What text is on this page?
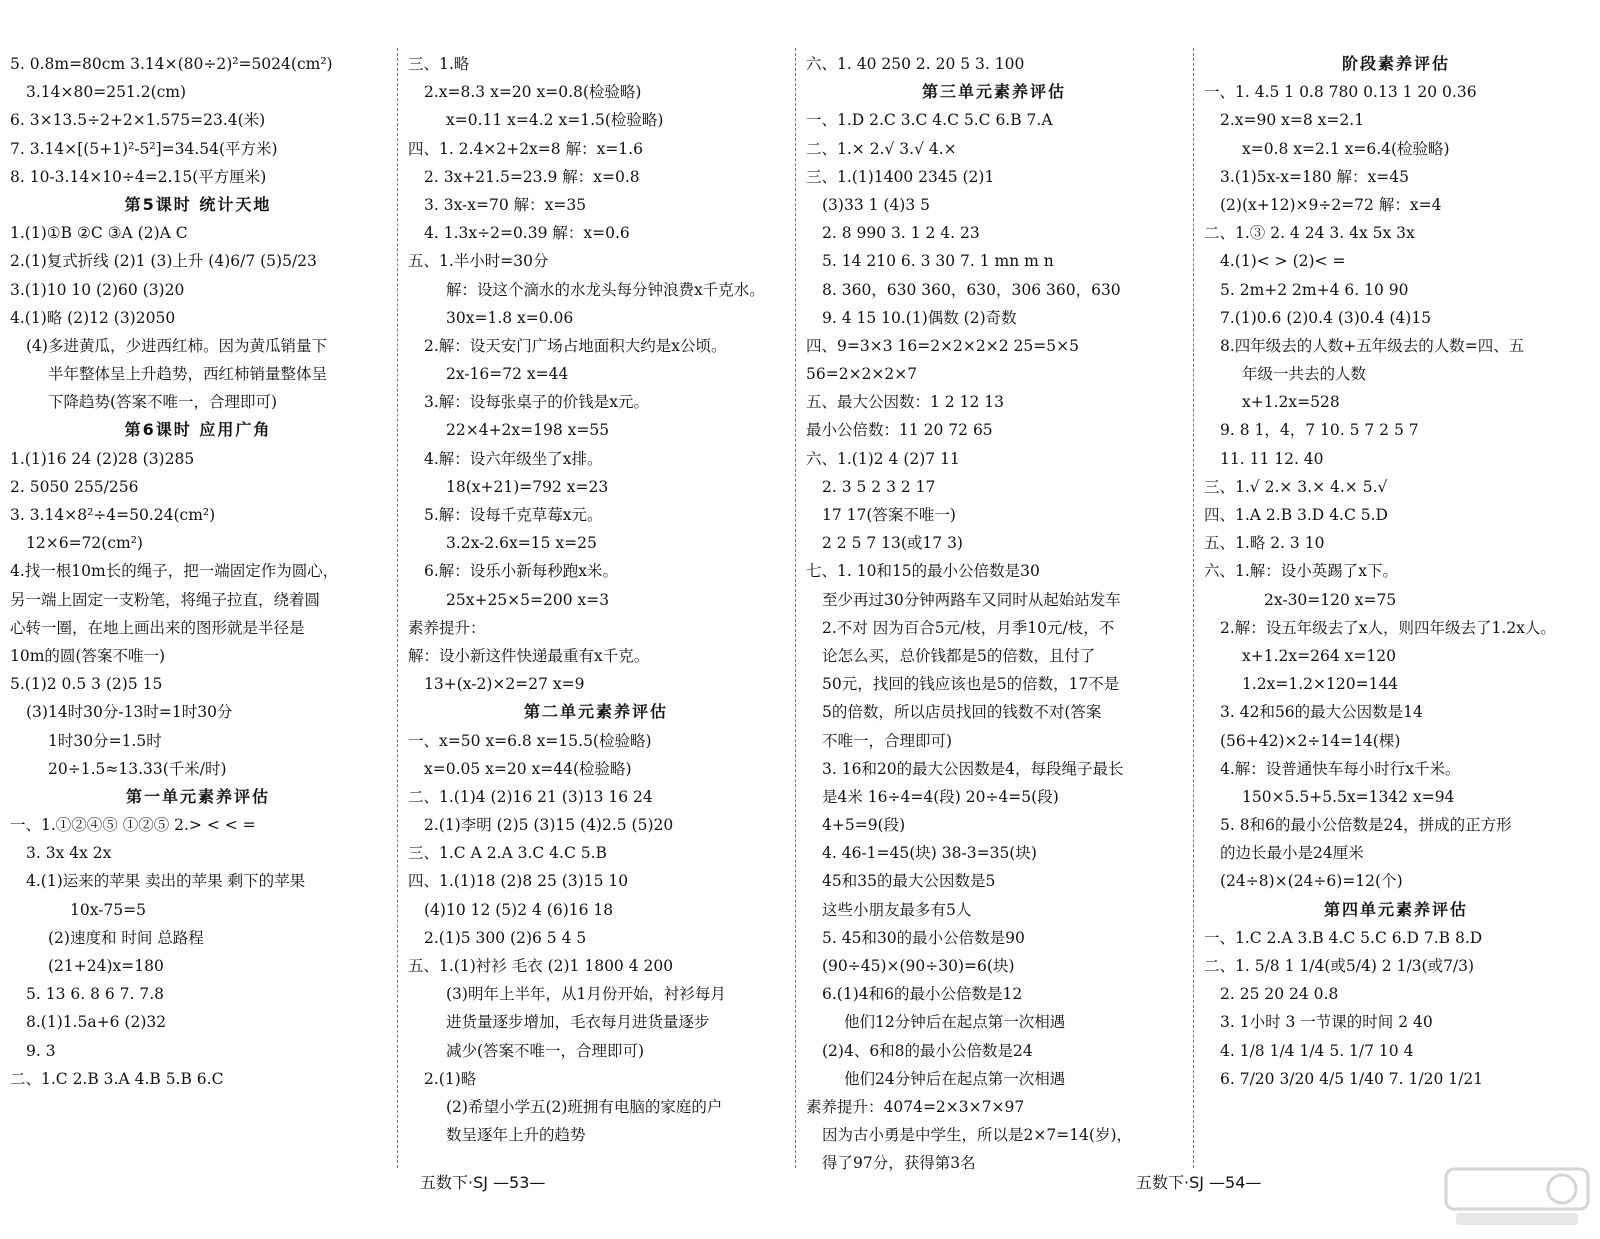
5. 0.8m=80cm 3.14×(80÷2)²=5024(cm²)
3.14×80=251.2(cm)
6. 3×13.5÷2+2×1.575=23.4(米)
7. 3.14×[(5+1)²-5²]=34.54(平方米)
8. 10-3.14×10÷4=2.15(平方厘米)
第5课时 统计天地
1.(1)①B ②C ③A (2)A C
2.(1)复式折线 (2)1 (3)上升 (4)6/7 (5)5/23
3.(1)10 10 (2)60 (3)20
4.(1)略 (2)12 (3)2050
(4)多进黄瓜，少进西红柿。因为黄瓜销量下
半年整体呈上升趋势，西红柿销量整体呈
下降趋势(答案不唯一，合理即可)
第6课时 应用广角
1.(1)16 24 (2)28 (3)285
2. 5050 255/256
3. 3.14×8²÷4=50.24(cm²)
12×6=72(cm²)
4.找一根10m长的绳子，把一端固定作为圆心，
另一端上固定一支粉笔，将绳子拉直，绕着圆
心转一圈，在地上画出来的图形就是半径是
10m的圆(答案不唯一)
5.(1)2 0.5 3 (2)5 15
(3)14时30分-13时=1时30分
1时30分=1.5时
20÷1.5≈13.33(千米/时)
第一单元素养评估
一、1.①②④⑤ ①②⑤ 2.> < < =
3. 3x 4x 2x
4.(1)运来的苹果 卖出的苹果 剩下的苹果
10x-75=5
(2)速度和 时间 总路程
(21+24)x=180
5. 13 6. 8 6 7. 7.8
8.(1)1.5a+6 (2)32
9. 3
二、1.C 2.B 3.A 4.B 5.B 6.C
三、1.略
2.x=8.3 x=20 x=0.8(检验略)
x=0.11 x=4.2 x=1.5(检验略)
四、1. 2.4×2+2x=8 解：x=1.6
2. 3x+21.5=23.9 解：x=0.8
3. 3x-x=70 解：x=35
4. 1.3x÷2=0.39 解：x=0.6
五、1.半小时=30分
解：设这个滴水的水龙头每分钟浪费x千克水。
30x=1.8 x=0.06
2.解：设天安门广场占地面积大约是x公顷。
2x-16=72 x=44
3.解：设每张桌子的价钱是x元。
22×4+2x=198 x=55
4.解：设六年级坐了x排。
18(x+21)=792 x=23
5.解：设每千克草莓x元。
3.2x-2.6x=15 x=25
6.解：设乐小新每秒跑x米。
25x+25×5=200 x=3
素养提升：
解：设小新这件快递最重有x千克。
13+(x-2)×2=27 x=9
第二单元素养评估
一、x=50 x=6.8 x=15.5(检验略)
x=0.05 x=20 x=44(检验略)
二、1.(1)4 (2)16 21 (3)13 16 24
2.(1)李明 (2)5 (3)15 (4)2.5 (5)20
三、1.C A 2.A 3.C 4.C 5.B
四、1.(1)18 (2)8 25 (3)15 10
(4)10 12 (5)2 4 (6)16 18
2.(1)5 300 (2)6 5 4 5
五、1.(1)衬衫 毛衣 (2)1 1800 4 200
(3)明年上半年，从1月份开始，衬衫每月
进货量逐步增加，毛衣每月进货量逐步
减少(答案不唯一，合理即可)
2.(1)略
(2)希望小学五(2)班拥有电脑的家庭的户
数呈逐年上升的趋势
六、1. 40 250 2. 20 5 3. 100
第三单元素养评估
一、1.D 2.C 3.C 4.C 5.C 6.B 7.A
二、1.× 2.√ 3.√ 4.×
三、1.(1)1400 2345 (2)1
(3)33 1 (4)3 5
2. 8 990 3. 1 2 4. 23
5. 14 210 6. 3 30 7. 1 mn m n
8. 360，630 360，630，306 360，630
9. 4 15 10.(1)偶数 (2)奇数
四、9=3×3 16=2×2×2×2 25=5×5
56=2×2×2×7
五、最大公因数：1 2 12 13
最小公倍数：11 20 72 65
六、1.(1)2 4 (2)7 11
2. 3 5 2 3 2 17
17 17(答案不唯一)
2 2 5 7 13(或17 3)
七、1. 10和15的最小公倍数是30
至少再过30分钟两路车又同时从起始站发车
2.不对 因为百合5元/枝，月季10元/枝，不
论怎么买，总价钱都是5的倍数，且付了
50元，找回的钱应该也是5的倍数，17不是
5的倍数，所以店员找回的钱数不对(答案
不唯一，合理即可)
3. 16和20的最大公因数是4，每段绳子最长
是4米 16÷4=4(段) 20÷4=5(段)
4+5=9(段)
4. 46-1=45(块) 38-3=35(块)
45和35的最大公因数是5
这些小朋友最多有5人
5. 45和30的最小公倍数是90
(90÷45)×(90÷30)=6(块)
6.(1)4和6的最小公倍数是12
他们12分钟后在起点第一次相遇
(2)4、6和8的最小公倍数是24
他们24分钟后在起点第一次相遇
素养提升：4074=2×3×7×97
因为古小勇是中学生，所以是2×7=14(岁)，
得了97分，获得第3名
阶段素养评估
一、1. 4.5 1 0.8 780 0.13 1 20 0.36
2.x=90 x=8 x=2.1
x=0.8 x=2.1 x=6.4(检验略)
3.(1)5x-x=180 解：x=45
(2)(x+12)×9÷2=72 解：x=4
二、1.③ 2. 4 24 3. 4x 5x 3x
4.(1)< > (2)< =
5. 2m+2 2m+4 6. 10 90
7.(1)0.6 (2)0.4 (3)0.4 (4)15
8.四年级去的人数+五年级去的人数=四、五
年级一共去的人数
x+1.2x=528
9. 8 1，4，7 10. 5 7 2 5 7
11. 11 12. 40
三、1.√ 2.× 3.× 4.× 5.√
四、1.A 2.B 3.D 4.C 5.D
五、1.略 2. 3 10
六、1.解：设小英踢了x下。
2x-30=120 x=75
2.解：设五年级去了x人，则四年级去了1.2x人。
x+1.2x=264 x=120
1.2x=1.2×120=144
3. 42和56的最大公因数是14
(56+42)×2÷14=14(棵)
4.解：设普通快车每小时行x千米。
150×5.5+5.5x=1342 x=94
5. 8和6的最小公倍数是24，拼成的正方形
的边长最小是24厘米
(24÷8)×(24÷6)=12(个)
第四单元素养评估
一、1.C 2.A 3.B 4.C 5.C 6.D 7.B 8.D
二、1. 5/8 1 1/4(或5/4) 2 1/3(或7/3)
2. 25 20 24 0.8
3. 1小时 3 一节课的时间 2 40
4. 1/8 1/4 1/4 5. 1/7 10 4
6. 7/20 3/20 4/5 1/40 7. 1/20 1/21
五数下·SJ —53—	五数下·SJ —54—
